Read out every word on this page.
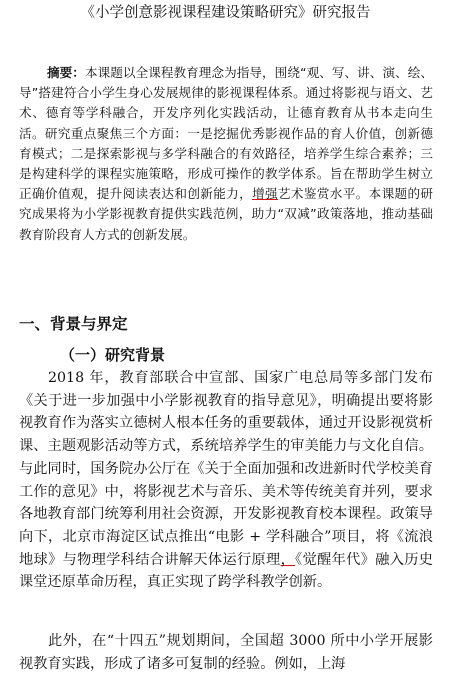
《小学创意影视课程建设策略研究》研究报告
摘要：本课题以全课程教育理念为指导，围绕“观、写、讲、演、绘、导”搭建符合小学生身心发展规律的影视课程体系。通过将影视与语文、艺术、德育等学科融合，开发序列化实践活动，让德育教育从书本走向生活。研究重点聚焦三个方面：一是挖掘优秀影视作品的育人价值，创新德育模式；二是探索影视与多学科融合的有效路径，培养学生综合素养；三是构建科学的课程实施策略，形成可操作的教学体系。旨在帮助学生树立正确价值观，提升阅读表达和创新能力，增强艺术鉴赏水平。本课题的研究成果将为小学影视教育提供实践范例，助力“双减”政策落地，推动基础教育阶段育人方式的创新发展。
一、背景与界定
（一）研究背景
2018 年，教育部联合中宣部、国家广电总局等多部门发布《关于进一步加强中小学影视教育的指导意见》，明确提出要将影视教育作为落实立德树人根本任务的重要载体，通过开设影视赏析课、主题观影活动等方式，系统培养学生的审美能力与文化自信。与此同时，国务院办公厅在《关于全面加强和改进新时代学校美育工作的意见》中，将影视艺术与音乐、美术等传统美育并列，要求各地教育部门统筹利用社会资源，开发影视教育校本课程。政策导向下，北京市海淀区试点推出“电影 + 学科融合”项目，将《流浪地球》与物理学科结合讲解天体运行原理，《觉醒年代》融入历史课堂还原革命历程，真正实现了跨学科教学创新。
此外，在“十四五”规划期间，全国超 3000 所中小学开展影视教育实践，形成了诸多可复制的经验。例如，上海
